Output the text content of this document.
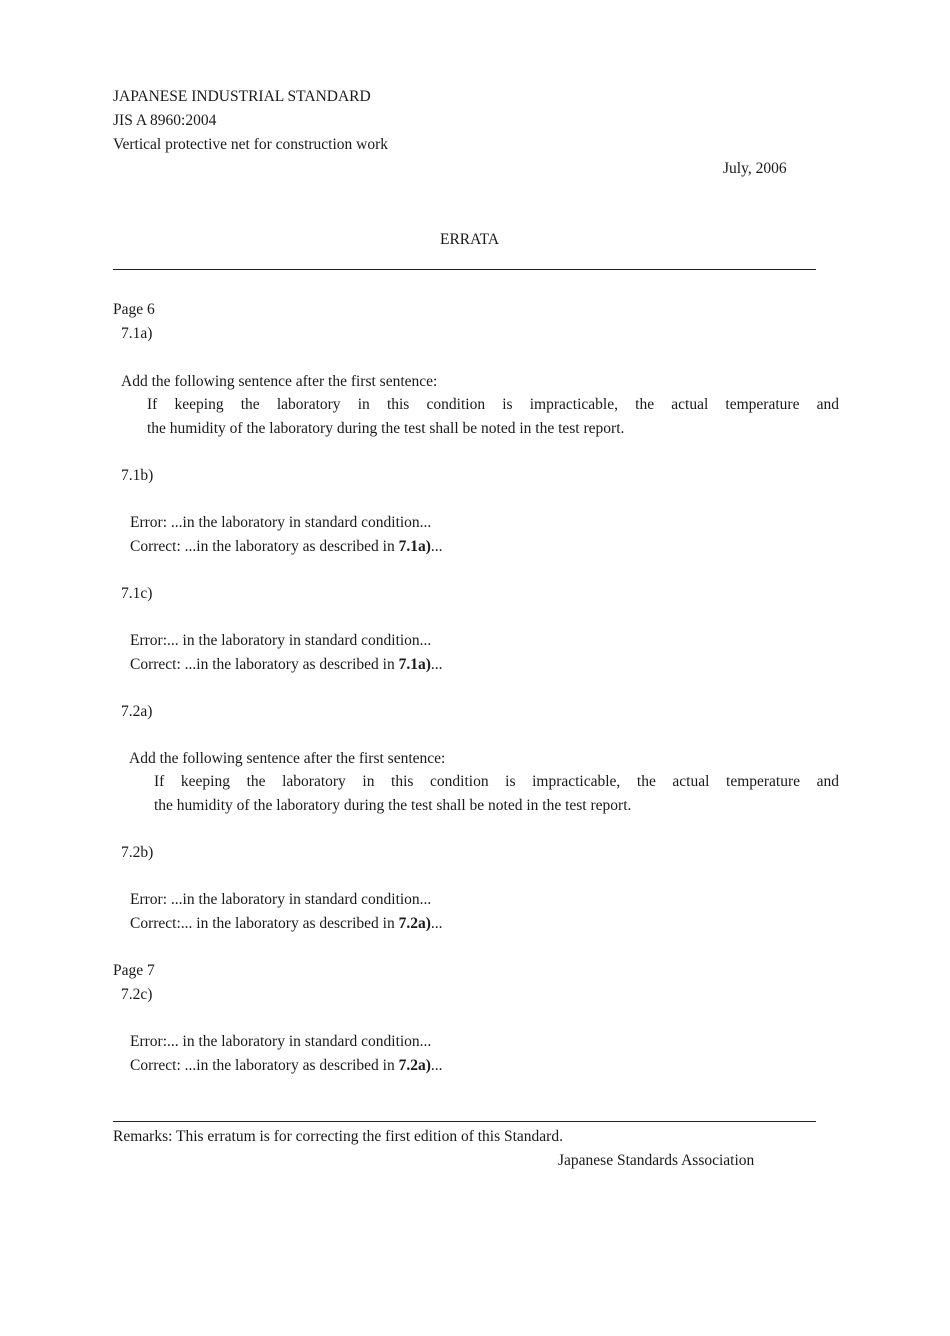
JAPANESE INDUSTRIAL STANDARD
JIS A 8960:2004
Vertical protective net for construction work
July, 2006
ERRATA
Page 6
7.1a)
Add the following sentence after the first sentence:
If keeping the laboratory in this condition is impracticable, the actual temperature and
the humidity of the laboratory during the test shall be noted in the test report.
7.1b)
Error: ...in the laboratory in standard condition...
Correct: ...in the laboratory as described in 7.1a)...
7.1c)
Error:... in the laboratory in standard condition...
Correct: ...in the laboratory as described in 7.1a)...
7.2a)
Add the following sentence after the first sentence:
If keeping the laboratory in this condition is impracticable, the actual temperature and
the humidity of the laboratory during the test shall be noted in the test report.
7.2b)
Error: ...in the laboratory in standard condition...
Correct:... in the laboratory as described in 7.2a)...
Page 7
7.2c)
Error:... in the laboratory in standard condition...
Correct: ...in the laboratory as described in 7.2a)...
Remarks: This erratum is for correcting the first edition of this Standard.
Japanese Standards Association
